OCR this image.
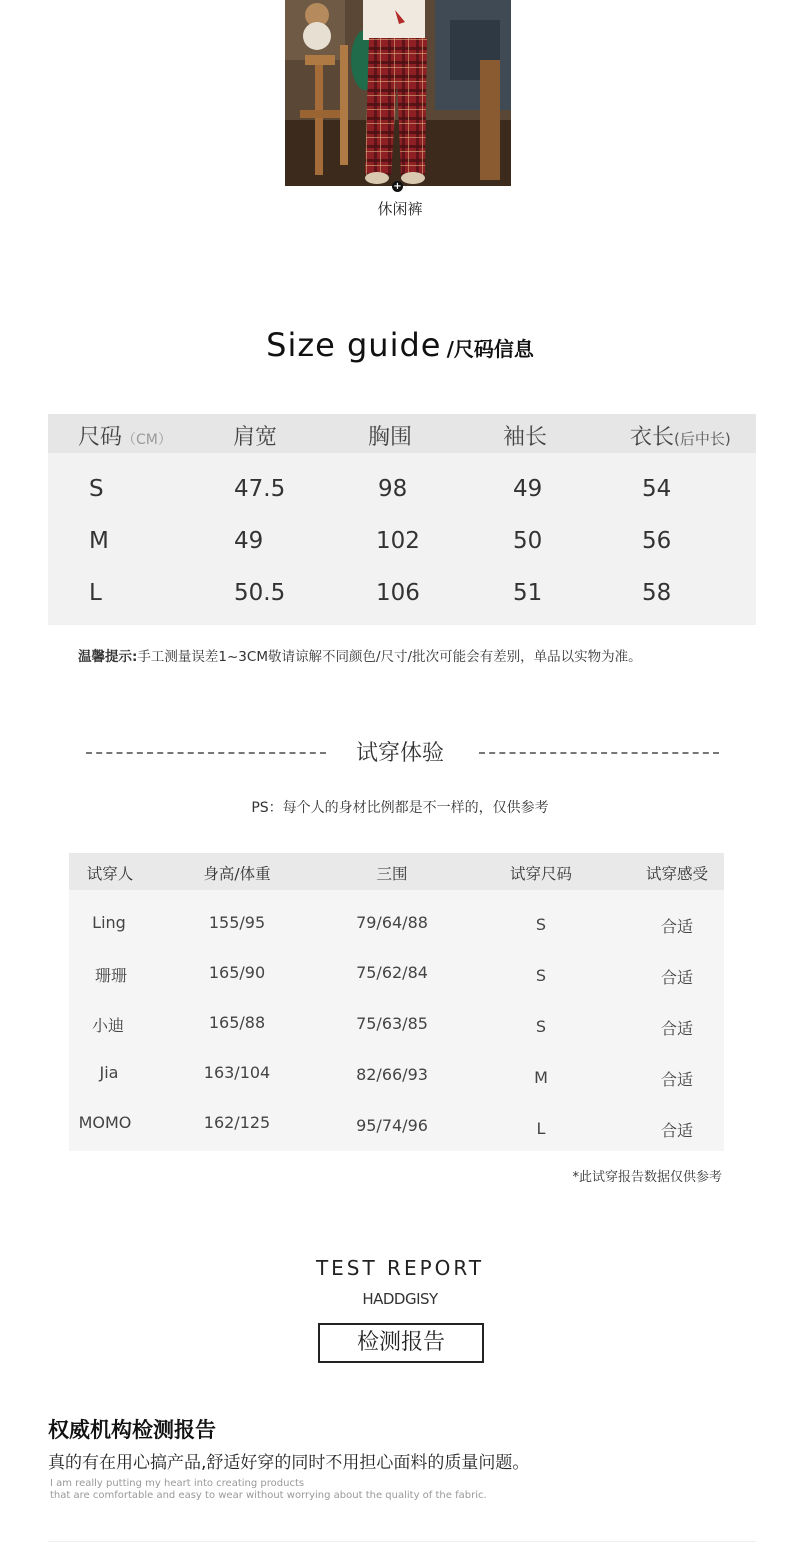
+
休闲裤
Size guide /尺码信息
尺码（CM）	肩宽	胸围	袖长	衣长(后中长)
S	47.5	98	49	54
M	49	102	50	56
L	50.5	106	51	58
温馨提示:手工测量误差1~3CM敬请谅解不同颜色/尺寸/批次可能会有差别，单品以实物为准。
试穿体验
PS：每个人的身材比例都是不一样的，仅供参考
试穿人	身高/体重	三围	试穿尺码	试穿感受
Ling	155/95	79/64/88	S	合适
珊珊	165/90	75/62/84	S	合适
小迪	165/88	75/63/85	S	合适
Jia	163/104	82/66/93	M	合适
MOMO	162/125	95/74/96	L	合适
*此试穿报告数据仅供参考
TEST REPORT
HADDGISY
检测报告
权威机构检测报告
真的有在用心搞产品,舒适好穿的同时不用担心面料的质量问题。
I am really putting my heart into creating products
that are comfortable and easy to wear without worrying about the quality of the fabric.
